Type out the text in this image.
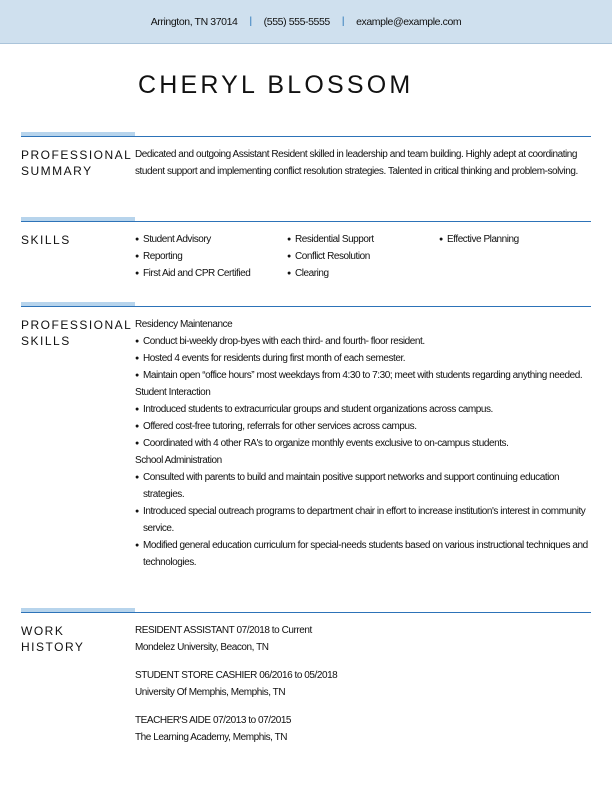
Arrington, TN 37014 | (555) 555-5555 | example@example.com
CHERYL BLOSSOM
PROFESSIONAL
SUMMARY
Dedicated and outgoing Assistant Resident skilled in leadership and team building. Highly adept at coordinating student support and implementing conflict resolution strategies. Talented in critical thinking and problem-solving.
SKILLS
●	Student Advisory
● Reporting
● First Aid and CPR Certified
● Residential Support
● Conflict Resolution
● Clearing
● Effective Planning
PROFESSIONAL
SKILLS
Residency Maintenance
● Conduct bi-weekly drop-byes with each third- and fourth- floor resident.
● Hosted 4 events for residents during first month of each semester.
● Maintain open “office hours” most weekdays from 4:30 to 7:30; meet with students regarding anything needed.
Student Interaction
● Introduced students to extracurricular groups and student organizations across campus.
● Offered cost-free tutoring, referrals for other services across campus.
● Coordinated with 4 other RA's to organize monthly events exclusive to on-campus students.
School Administration
● Consulted with parents to build and maintain positive support networks and support continuing education strategies.
● Introduced special outreach programs to department chair in effort to increase institution's interest in community service.
● Modified general education curriculum for special-needs students based on various instructional techniques and technologies.
WORK HISTORY
RESIDENT ASSISTANT 07/2018 to Current
Mondelez University, Beacon, TN
STUDENT STORE CASHIER 06/2016 to 05/2018
University Of Memphis, Memphis, TN
TEACHER'S AIDE 07/2013 to 07/2015
The Learning Academy, Memphis, TN
